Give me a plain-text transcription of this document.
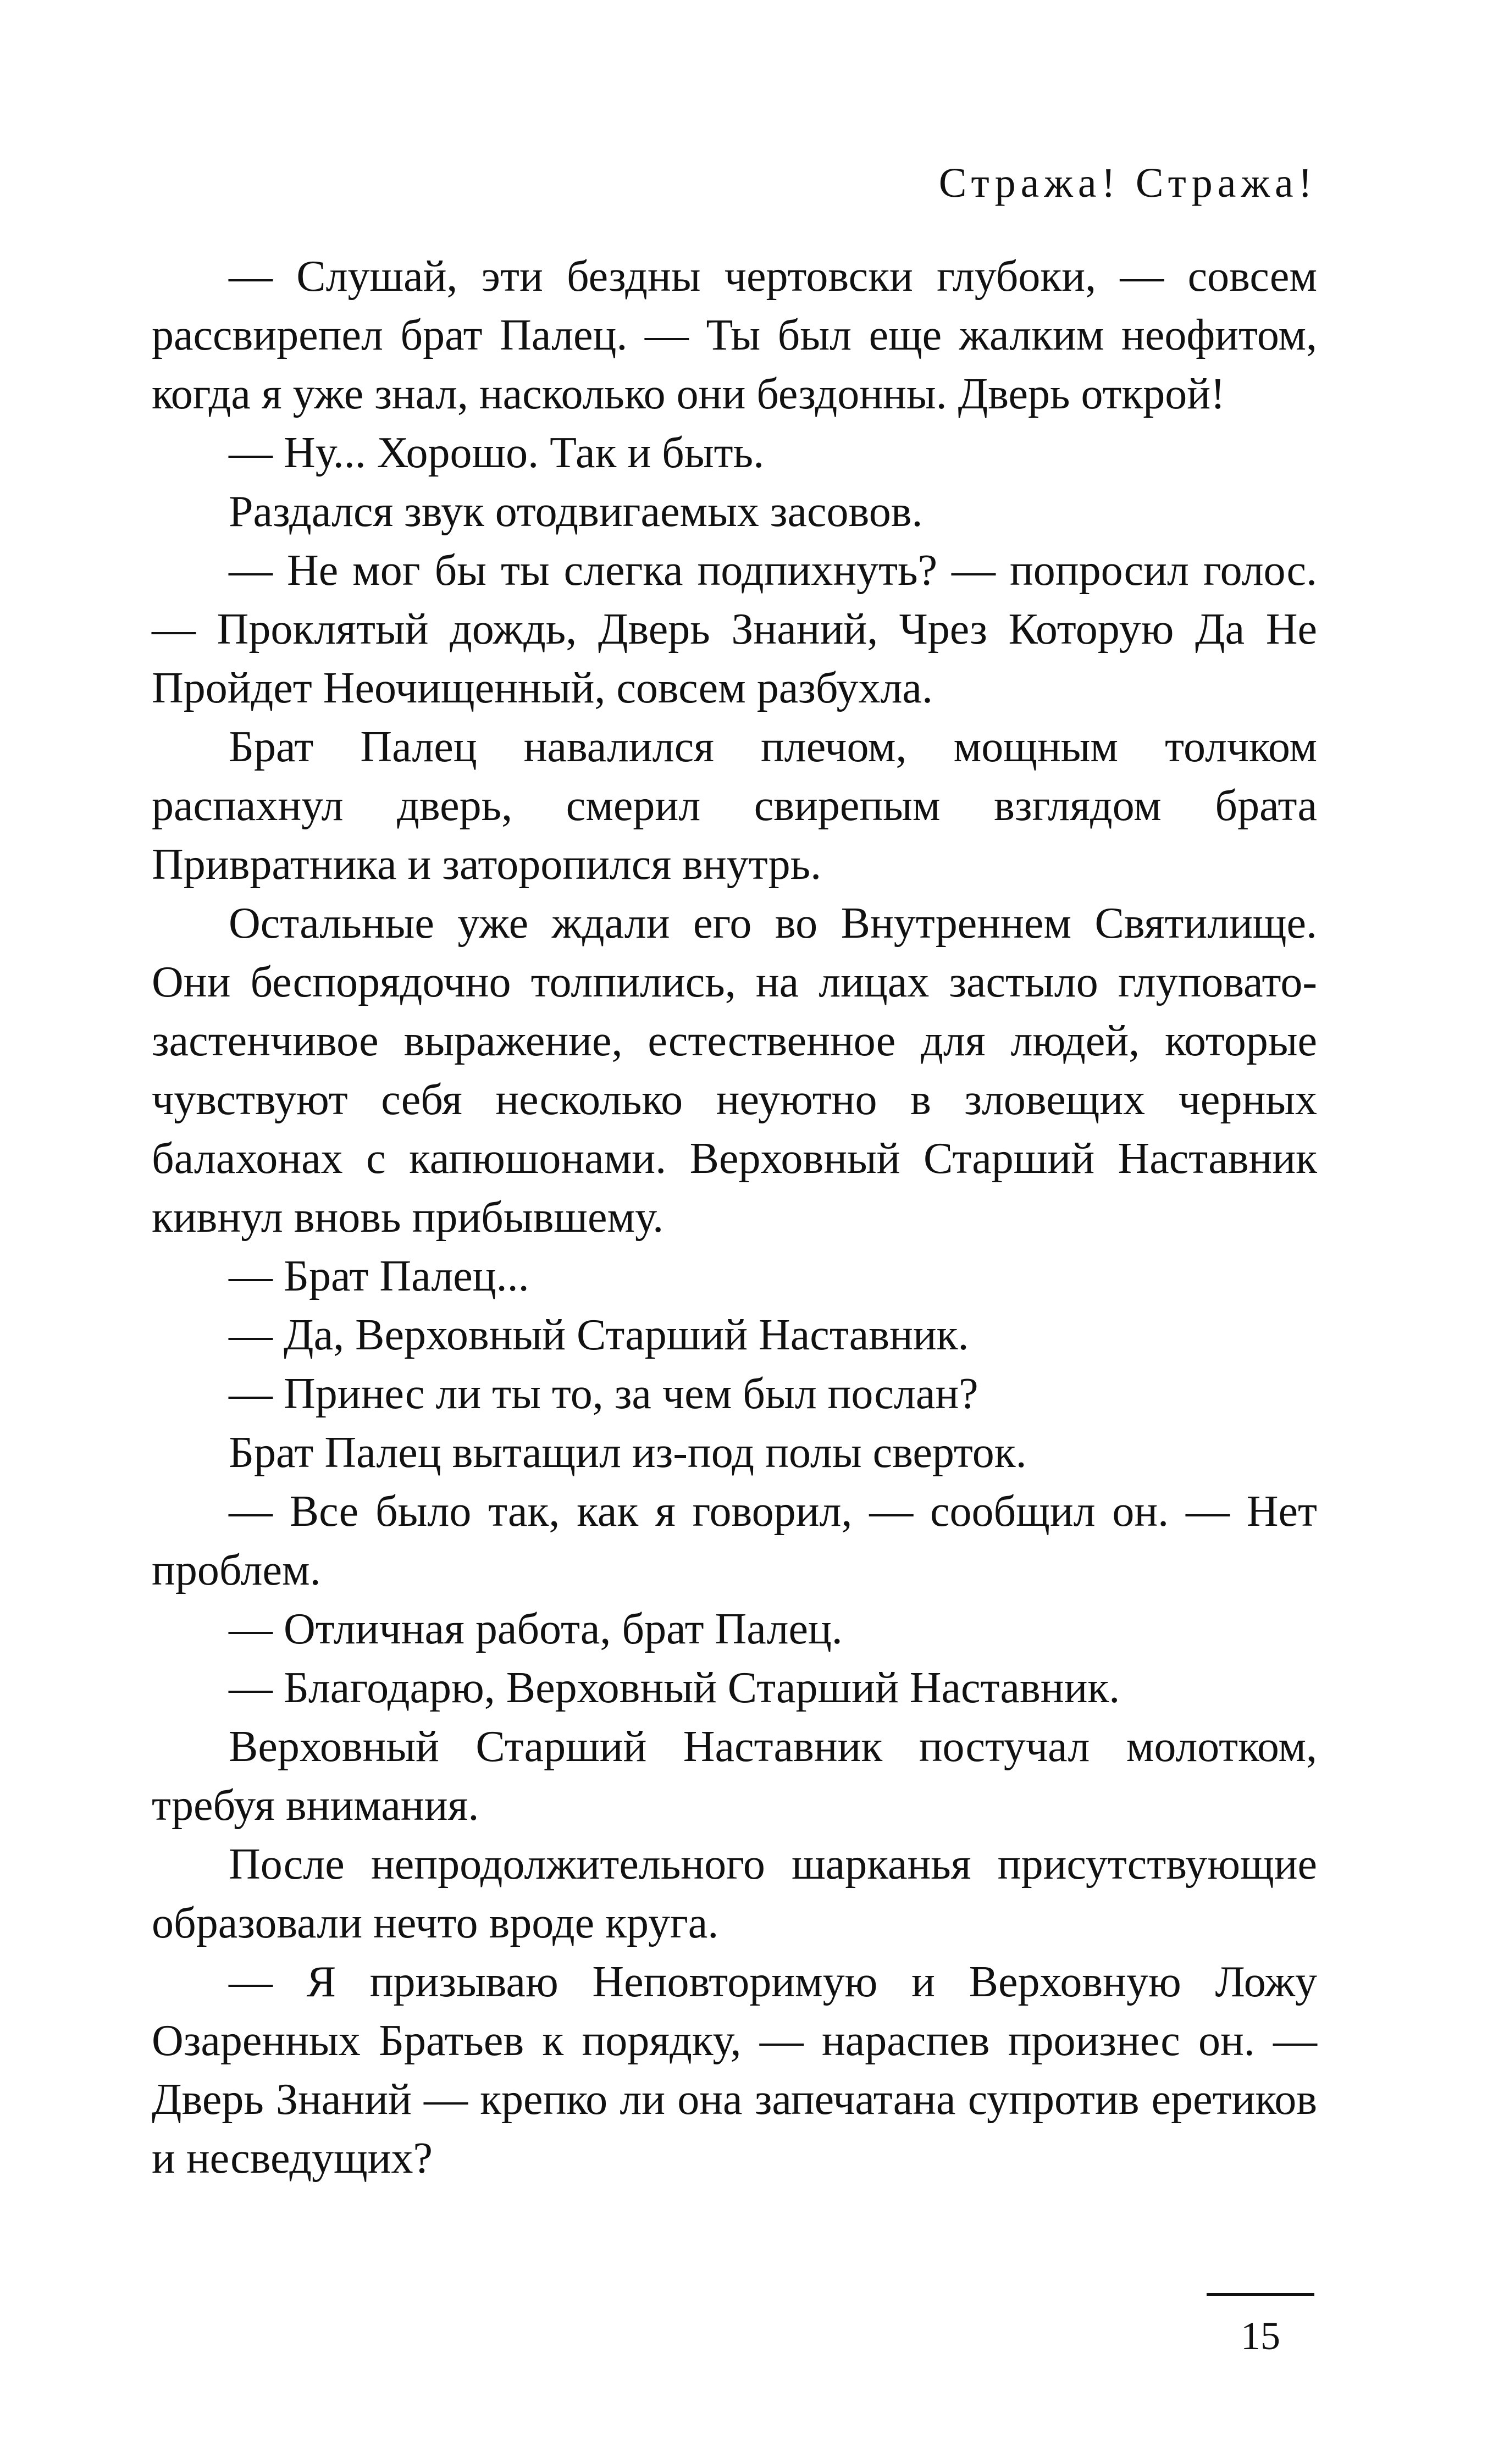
Стража! Стража!

— Слушай, эти бездны чертовски глубоки, — совсем рассвирепел брат Палец. — Ты был еще жалким неофитом, когда я уже знал, насколько они бездонны. Дверь открой!

— Ну... Хорошо. Так и быть.

Раздался звук отодвигаемых засовов.

— Не мог бы ты слегка подпихнуть? — попросил голос. — Проклятый дождь, Дверь Знаний, Чрез Которую Да Не Пройдет Неочищенный, совсем разбухла.

Брат Палец навалился плечом, мощным толчком распахнул дверь, смерил свирепым взглядом брата Привратника и заторопился внутрь.

Остальные уже ждали его во Внутреннем Святилище. Они беспорядочно толпились, на лицах застыло глуповато-застенчивое выражение, естественное для людей, которые чувствуют себя несколько неуютно в зловещих черных балахонах с капюшонами. Верховный Старший Наставник кивнул вновь прибывшему.

— Брат Палец...

— Да, Верховный Старший Наставник.

— Принес ли ты то, за чем был послан?

Брат Палец вытащил из-под полы сверток.

— Все было так, как я говорил, — сообщил он. — Нет проблем.

— Отличная работа, брат Палец.

— Благодарю, Верховный Старший Наставник.

Верховный Старший Наставник постучал молотком, требуя внимания.

После непродолжительного шарканья присутствующие образовали нечто вроде круга.

— Я призываю Неповторимую и Верховную Ложу Озаренных Братьев к порядку, — нараспев произнес он. — Дверь Знаний — крепко ли она запечатана супротив еретиков и несведущих?

15
